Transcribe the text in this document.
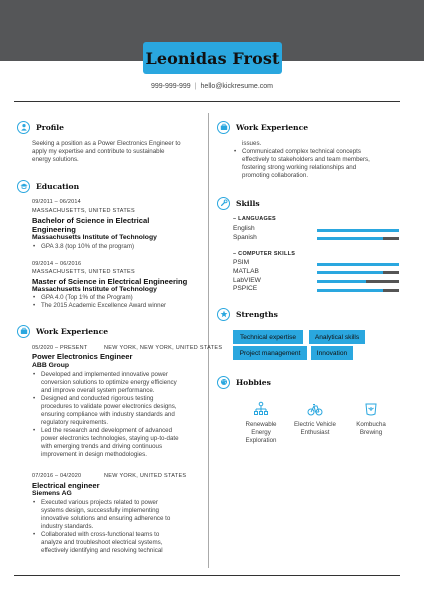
Leonidas Frost
999-999-999 | hello@kickresume.com
Profile
Seeking a position as a Power Electronics Engineer to
apply my expertise and contribute to sustainable
energy solutions.
Education
09/2011 – 06/2014
MASSACHUSETTS, UNITED STATES
Bachelor of Science in Electrical
Engineering
Massachusetts Institute of Technology
• GPA 3.8 (top 10% of the program)
09/2014 – 06/2016
MASSACHUSETTS, UNITED STATES
Master of Science in Electrical Engineering
Massachusetts Institute of Technology
• GPA 4.0 (Top 1% of the Program)
• The 2015 Academic Excellence Award winner
Work Experience
05/2020 – PRESENT	NEW YORK, NEW YORK, UNITED STATES
Power Electronics Engineer
ABB Group
• Developed and implemented innovative power
conversion solutions to optimize energy efficiency
and improve overall system performance.
• Designed and conducted rigorous testing
procedures to validate power electronics designs,
ensuring compliance with industry standards and
regulatory requirements.
• Led the research and development of advanced
power electronics technologies, staying up-to-date
with emerging trends and driving continuous
improvement in design methodologies.
07/2016 – 04/2020	NEW YORK, UNITED STATES
Electrical engineer
Siemens AG
• Executed various projects related to power
systems design, successfully implementing
innovative solutions and ensuring adherence to
industry standards.
• Collaborated with cross-functional teams to
analyze and troubleshoot electrical systems,
effectively identifying and resolving technical
Work Experience
issues.
• Communicated complex technical concepts
effectively to stakeholders and team members,
fostering strong working relationships and
promoting collaboration.
Skills
– LANGUAGES
English
Spanish
– COMPUTER SKILLS
PSIM
MATLAB
LabVIEW
PSPICE
Strengths
Technical expertise	Analytical skills
Project management	Innovation
Hobbies
Renewable
Energy
Exploration
Electric Vehicle
Enthusiast
Kombucha
Brewing
